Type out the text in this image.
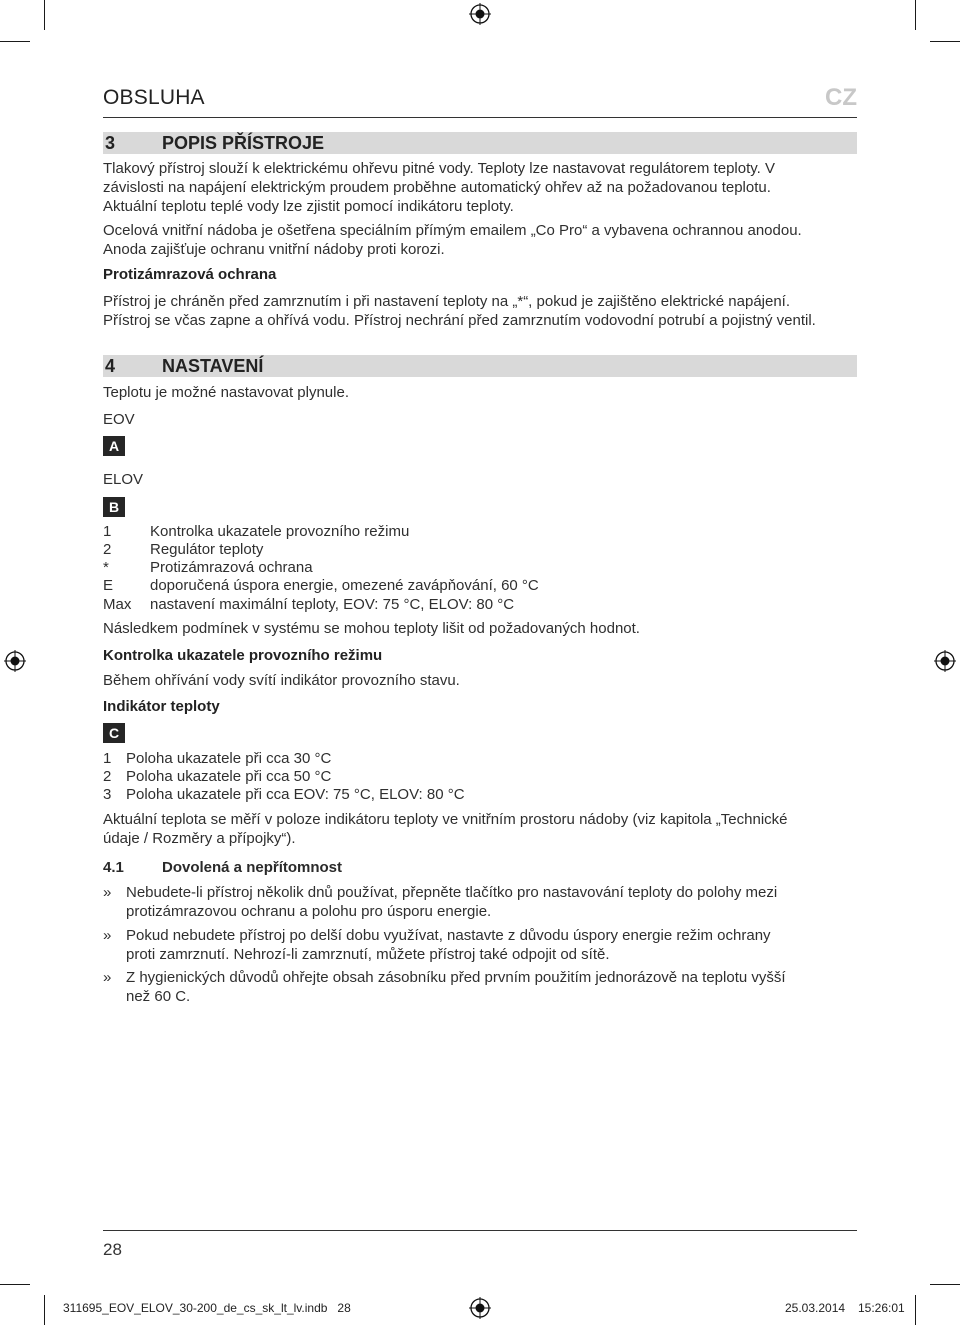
OBSLUHA	CZ
3	POPIS PŘÍSTROJE

Tlakový přístroj slouží k elektrickému ohřevu pitné vody. Teploty lze nastavovat regulátorem teploty. V

závislosti na napájení elektrickým proudem proběhne automatický ohřev až na požadovanou teplotu.

Aktuální teplotu teplé vody lze zjistit pomocí indikátoru teploty.

Ocelová vnitřní nádoba je ošetřena speciálním přímým emailem „Co Pro“ a vybavena ochrannou anodou.

Anoda zajišťuje ochranu vnitřní nádoby proti korozi.

Protizámrazová ochrana

Přístroj je chráněn před zamrznutím i při nastavení teploty na „*“, pokud je zajištěno elektrické napájení.

Přístroj se včas zapne a ohřívá vodu. Přístroj nechrání před zamrznutím vodovodní potrubí a pojistný ventil.

4	NASTAVENÍ

Teplotu je možné nastavovat plynule.

EOV

A

ELOV

B
1	Kontrolka ukazatele provozního režimu
2	Regulátor teploty
*	Protizámrazová ochrana
E doporučená úspora energie, omezené zavápňování, 60 °C
Max nastavení maximální teploty, EOV: 75 °C, ELOV: 80 °C

Následkem podmínek v systému se mohou teploty lišit od požadovaných hodnot.

Kontrolka ukazatele provozního režimu

Během ohřívání vody svítí indikátor provozního stavu.

Indikátor teploty

C
1 Poloha ukazatele při cca 30 °C
2 Poloha ukazatele při cca 50 °C
3 Poloha ukazatele při cca EOV: 75 °C, ELOV: 80 °C

Aktuální teplota se měří v poloze indikátoru teploty ve vnitřním prostoru nádoby (viz kapitola „Technické

údaje / Rozměry a přípojky“).

4.1	Dovolená a nepřítomnost
» Nebudete-li přístroj několik dnů používat, přepněte tlačítko pro nastavování teploty do polohy mezi
protizámrazovou ochranu a polohu pro úsporu energie.
» Pokud nebudete přístroj po delší dobu využívat, nastavte z důvodu úspory energie režim ochrany
proti zamrznutí. Nehrozí-li zamrznutí, můžete přístroj také odpojit od sítě.
» Z hygienických důvodů ohřejte obsah zásobníku před prvním použitím jednorázově na teplotu vyšší
než 60 C.
28
311695_EOV_ELOV_30-200_de_cs_sk_lt_lv.indb   28	25.03.2014 15:26:01
